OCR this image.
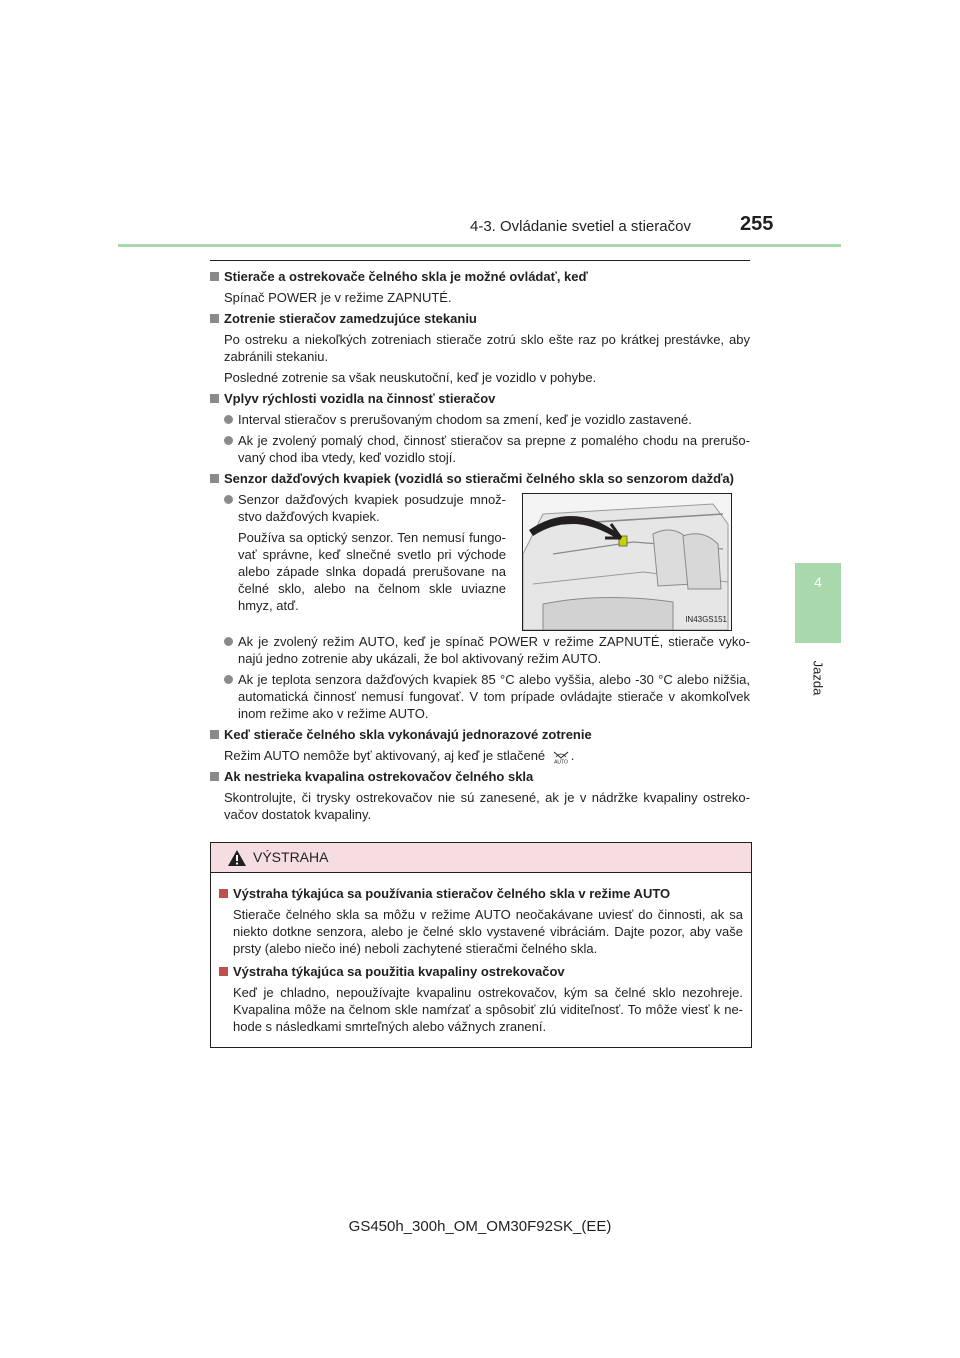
4-3. Ovládanie svetiel a stieračov 255
4
Jazda
Stierače a ostrekovače čelného skla je možné ovládať, keď
Spínač POWER je v režime ZAPNUTÉ.
Zotrenie stieračov zamedzujúce stekaniu
Po ostreku a niekoľkých zotreniach stierače zotrú sklo ešte raz po krátkej prestávke, aby zabránili stekaniu.
Posledné zotrenie sa však neuskutoční, keď je vozidlo v pohybe.
Vplyv rýchlosti vozidla na činnosť stieračov
Interval stieračov s prerušovaným chodom sa zmení, keď je vozidlo zastavené.
Ak je zvolený pomalý chod, činnosť stieračov sa prepne z pomalého chodu na prerušo-vaný chod iba vtedy, keď vozidlo stojí.
Senzor dažďových kvapiek (vozidlá so stieračmi čelného skla so senzorom dažďa)
Senzor dažďových kvapiek posudzuje množ-stvo dažďových kvapiek.
Používa sa optický senzor. Ten nemusí fungo-vať správne, keď slnečné svetlo pri východe alebo západe slnka dopadá prerušovane na čelné sklo, alebo na čelnom skle uviazne hmyz, atď.
IN43GS151
Ak je zvolený režim AUTO, keď je spínač POWER v režime ZAPNUTÉ, stierače vyko-najú jedno zotrenie aby ukázali, že bol aktivovaný režim AUTO.
Ak je teplota senzora dažďových kvapiek 85 °C alebo vyššia, alebo -30 °C alebo nižšia, automatická činnosť nemusí fungovať. V tom prípade ovládajte stierače v akomkoľvek inom režime ako v režime AUTO.
Keď stierače čelného skla vykonávajú jednorazové zotrenie
Režim AUTO nemôže byť aktivovaný, aj keď je stlačené AUTO .
Ak nestrieka kvapalina ostrekovačov čelného skla
Skontrolujte, či trysky ostrekovačov nie sú zanesené, ak je v nádržke kvapaliny ostreko-vačov dostatok kvapaliny.
VÝSTRAHA
Výstraha týkajúca sa používania stieračov čelného skla v režime AUTO
Stierače čelného skla sa môžu v režime AUTO neočakávane uviesť do činnosti, ak sa niekto dotkne senzora, alebo je čelné sklo vystavené vibráciám. Dajte pozor, aby vaše prsty (alebo niečo iné) neboli zachytené stieračmi čelného skla.
Výstraha týkajúca sa použitia kvapaliny ostrekovačov
Keď je chladno, nepoužívajte kvapalinu ostrekovačov, kým sa čelné sklo nezohreje. Kvapalina môže na čelnom skle namŕzať a spôsobiť zlú viditeľnosť. To môže viesť k ne-hode s následkami smrteľných alebo vážnych zranení.
GS450h_300h_OM_OM30F92SK_(EE)
